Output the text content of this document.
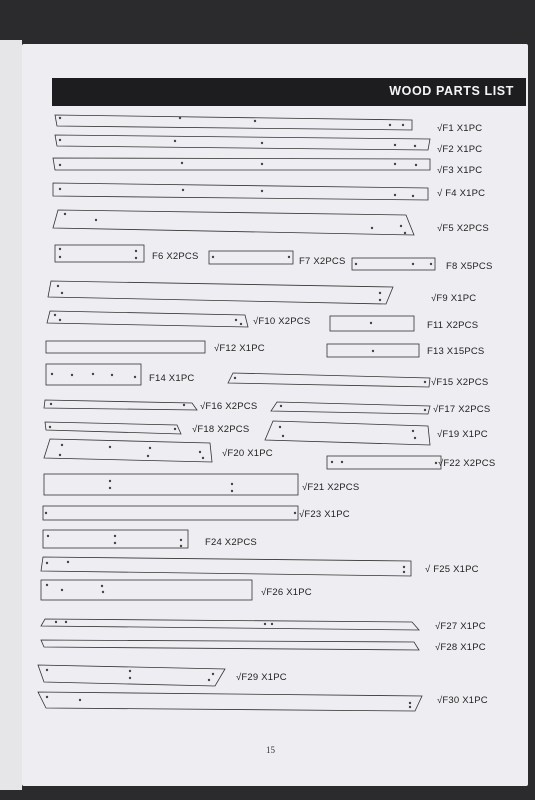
WOOD PARTS LIST
√F1 X1PC
√F2 X1PC
√F3 X1PC
√ F4 X1PC
√F5 X2PCS
F6 X2PCS	F7 X2PCS	F8 X5PCS
√F9 X1PC
√F10 X2PCS	F11 X2PCS
√F12 X1PC	F13 X15PCS
F14 X1PC	√F15 X2PCS
√F16 X2PCS	√F17 X2PCS
√F18 X2PCS	√F19 X1PC
√F20 X1PC
√F21 X2PCS
√F22 X2PCS
√F23 X1PC
F24 X2PCS
√ F25 X1PC
√F26 X1PC
√F27 X1PC
√F28 X1PC
√F29 X1PC
√F30 X1PC
15
